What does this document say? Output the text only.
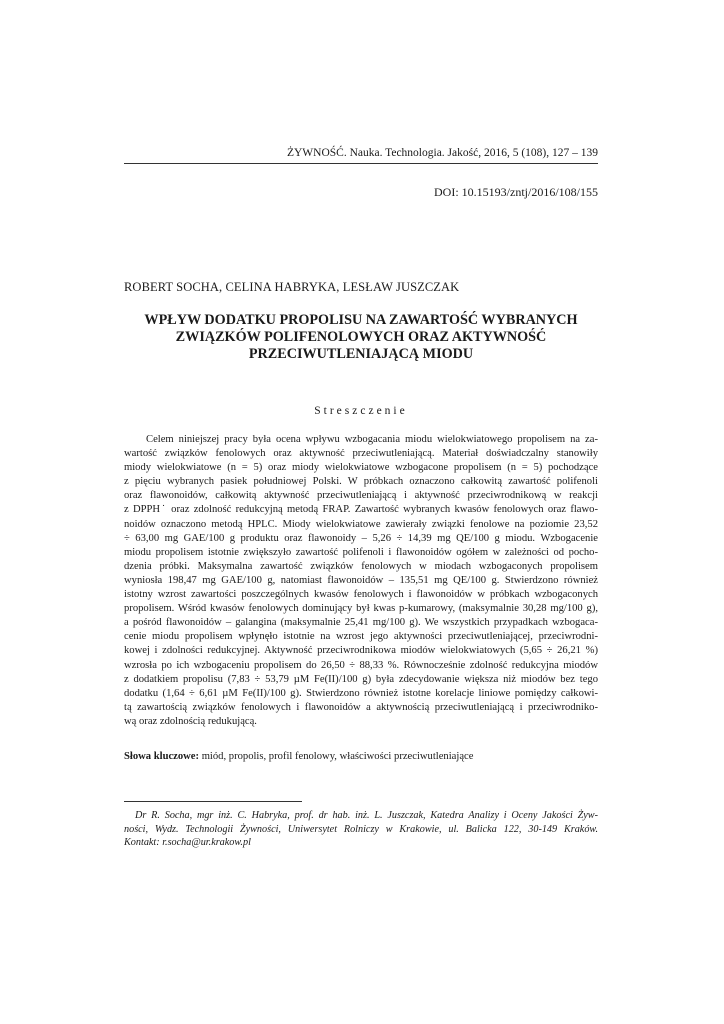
ŻYWNOŚĆ. Nauka. Technologia. Jakość, 2016, 5 (108), 127 – 139
DOI: 10.15193/zntj/2016/108/155
ROBERT SOCHA, CELINA HABRYKA, LESŁAW JUSZCZAK
WPŁYW DODATKU PROPOLISU NA ZAWARTOŚĆ WYBRANYCH
ZWIĄZKÓW POLIFENOLOWYCH ORAZ AKTYWNOŚĆ
PRZECIWUTLENIAJĄCĄ MIODU
Streszczenie
Celem niniejszej pracy była ocena wpływu wzbogacania miodu wielokwiatowego propolisem na za-
wartość związków fenolowych oraz aktywność przeciwutleniającą. Materiał doświadczalny stanowiły
miody wielokwiatowe (n = 5) oraz miody wielokwiatowe wzbogacone propolisem (n = 5) pochodzące
z pięciu wybranych pasiek południowej Polski. W próbkach oznaczono całkowitą zawartość polifenoli
oraz flawonoidów, całkowitą aktywność przeciwutleniającą i aktywność przeciwrodnikową w reakcji
z DPPH˙ oraz zdolność redukcyjną metodą FRAP. Zawartość wybranych kwasów fenolowych oraz flawo-
noidów oznaczono metodą HPLC. Miody wielokwiatowe zawierały związki fenolowe na poziomie 23,52
÷ 63,00 mg GAE/100 g produktu oraz flawonoidy – 5,26 ÷ 14,39 mg QE/100 g miodu. Wzbogacenie
miodu propolisem istotnie zwiększyło zawartość polifenoli i flawonoidów ogółem w zależności od pocho-
dzenia próbki. Maksymalna zawartość związków fenolowych w miodach wzbogaconych propolisem
wyniosła 198,47 mg GAE/100 g, natomiast flawonoidów – 135,51 mg QE/100 g. Stwierdzono również
istotny wzrost zawartości poszczególnych kwasów fenolowych i flawonoidów w próbkach wzbogaconych
propolisem. Wśród kwasów fenolowych dominujący był kwas p-kumarowy, (maksymalnie 30,28 mg/100 g),
a pośród flawonoidów – galangina (maksymalnie 25,41 mg/100 g). We wszystkich przypadkach wzbogaca-
cenie miodu propolisem wpłynęło istotnie na wzrost jego aktywności przeciwutleniającej, przeciwrodni-
kowej i zdolności redukcyjnej. Aktywność przeciwrodnikowa miodów wielokwiatowych (5,65 ÷ 26,21 %)
wzrosła po ich wzbogaceniu propolisem do 26,50 ÷ 88,33 %. Równocześnie zdolność redukcyjna miodów
z dodatkiem propolisu (7,83 ÷ 53,79 µM Fe(II)/100 g) była zdecydowanie większa niż miodów bez tego
dodatku (1,64 ÷ 6,61 µM Fe(II)/100 g). Stwierdzono również istotne korelacje liniowe pomiędzy całkowi-
tą zawartością związków fenolowych i flawonoidów a aktywnością przeciwutleniającą i przeciwrodniko-
wą oraz zdolnością redukującą.
Słowa kluczowe: miód, propolis, profil fenolowy, właściwości przeciwutleniające
Dr R. Socha, mgr inż. C. Habryka, prof. dr hab. inż. L. Juszczak, Katedra Analizy i Oceny Jakości Żyw-
ności, Wydz. Technologii Żywności, Uniwersytet Rolniczy w Krakowie, ul. Balicka 122, 30-149 Kraków.
Kontakt: r.socha@ur.krakow.pl
